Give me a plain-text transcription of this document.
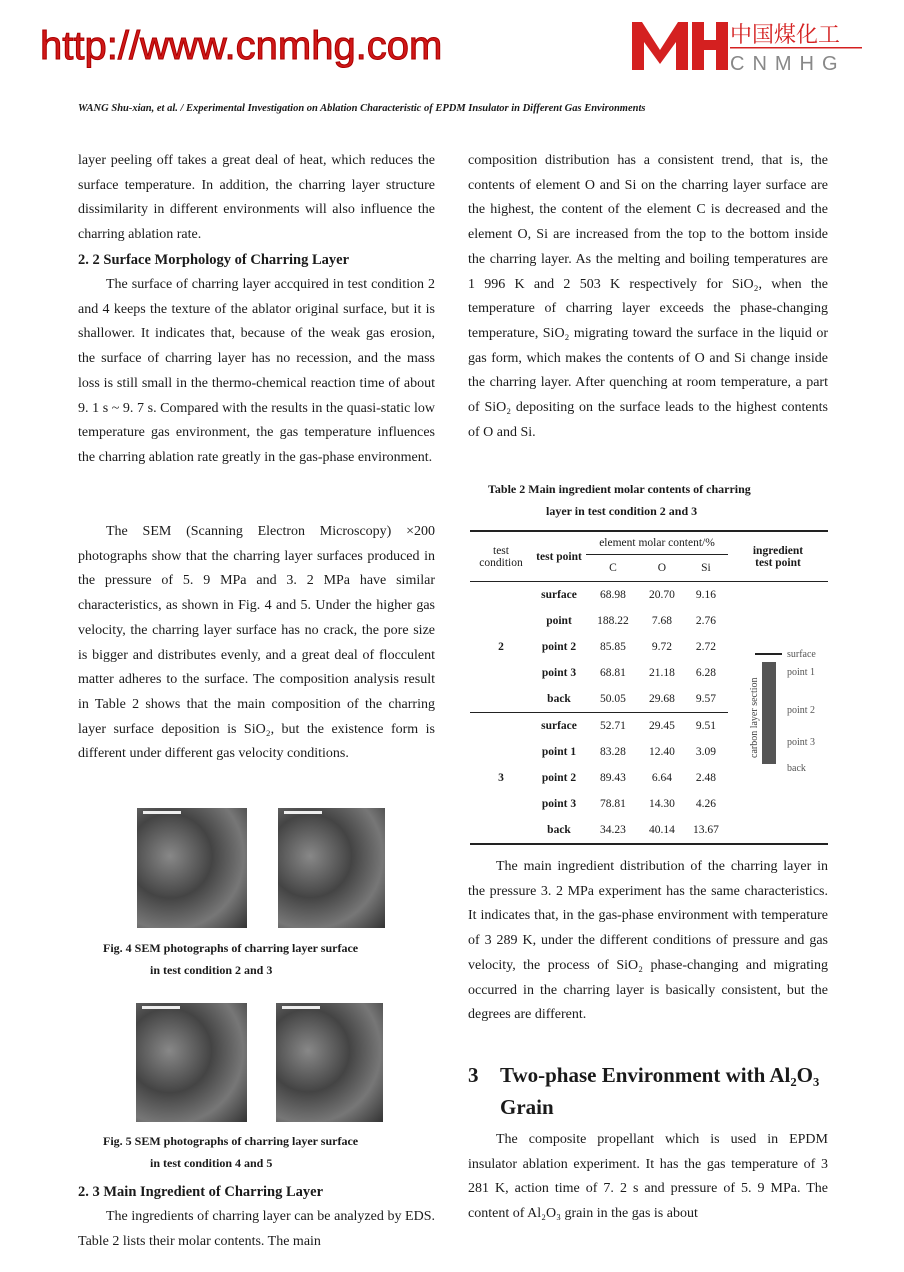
http://www.cnmhg.com	中国煤化工
CNMHG
WANG Shu-xian, et al. / Experimental Investigation on Ablation Characteristic of EPDM Insulator in Different Gas Environments
layer peeling off takes a great deal of heat, which reduces the surface temperature. In addition, the charring layer structure dissimilarity in different environments will also influence the charring ablation rate.
2. 2 Surface Morphology of Charring Layer
The surface of charring layer accquired in test condition 2 and 4 keeps the texture of the ablator original surface, but it is shallower. It indicates that, because of the weak gas erosion, the surface of charring layer has no recession, and the mass loss is still small in the thermo-chemical reaction time of about 9. 1 s ~ 9. 7 s. Compared with the results in the quasi-static low temperature gas environment, the gas temperature influences the charring ablation rate greatly in the gas-phase environment.
The SEM (Scanning Electron Microscopy) ×200 photographs show that the charring layer surfaces produced in the pressure of 5. 9 MPa and 3. 2 MPa have similar characteristics, as shown in Fig. 4 and 5. Under the higher gas velocity, the charring layer surface has no crack, the pore size is bigger and distributes evenly, and a great deal of flocculent matter adheres to the surface. The composition analysis result in Table 2 shows that the main composition of the charring layer surface deposition is SiO₂, but the existence form is different under different gas velocity conditions.
Fig. 4 SEM photographs of charring layer surface
in test condition 2 and 3
Fig. 5 SEM photographs of charring layer surface
in test condition 4 and 5
2. 3 Main Ingredient of Charring Layer
The ingredients of charring layer can be analyzed by EDS. Table 2 lists their molar contents. The main
composition distribution has a consistent trend, that is, the contents of element O and Si on the charring layer surface are the highest, the content of the element C is decreased and the element O, Si are increased from the top to the bottom inside the charring layer. As the melting and boiling temperatures are 1 996 K and 2 503 K respectively for SiO₂, when the temperature of charring layer exceeds the phase-changing temperature, SiO₂ migrating toward the surface in the liquid or gas form, which makes the contents of O and Si change inside the charring layer. After quenching at room temperature, a part of SiO₂ depositing on the surface leads to the highest contents of O and Si.
Table 2 Main ingredient molar contents of charring
layer in test condition 2 and 3
test
condition	test point	element molar content/%			ingredient
test point
		C	O	Si	
2	surface	68.98	20.70	9.16	
	point	188.22	7.68	2.76	
	point 2	85.85	9.72	2.72	
	point 3	68.81	21.18	6.28	
	back	50.05	29.68	9.57	
3	surface	52.71	29.45	9.51	
	point 1	83.28	12.40	3.09	
	point 2	89.43	6.64	2.48	
	point 3	78.81	14.30	4.26	
	back	34.23	40.14	13.67	
carbon layer section
surface
point 1
point 2
point 3
back
The main ingredient distribution of the charring layer in the pressure 3. 2 MPa experiment has the same characteristics. It indicates that, in the gas-phase environment with temperature of 3 289 K, under the different conditions of pressure and gas velocity, the process of SiO₂ phase-changing and migrating occurred in the charring layer is basically consistent, but the degrees are different.
3	Two-phase Environment with Al₂O₃ Grain
The composite propellant which is used in EPDM insulator ablation experiment. It has the gas temperature of 3 281 K, action time of 7. 2 s and pressure of 5. 9 MPa. The content of Al₂O₃ grain in the gas is about
